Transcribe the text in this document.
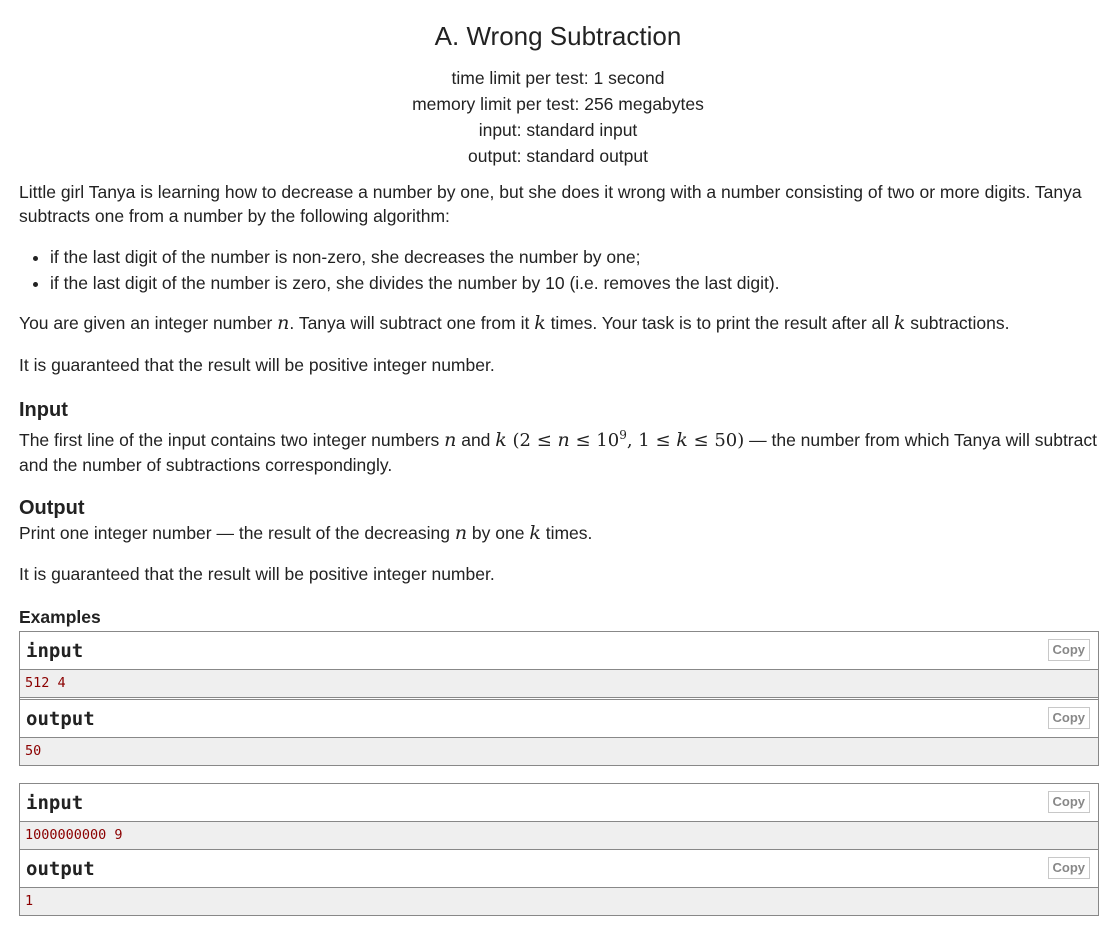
A. Wrong Subtraction
time limit per test: 1 second
memory limit per test: 256 megabytes
input: standard input
output: standard output

Little girl Tanya is learning how to decrease a number by one, but she does it wrong with a number consisting of two or more digits. Tanya subtracts one from a number by the following algorithm:

• if the last digit of the number is non-zero, she decreases the number by one;
• if the last digit of the number is zero, she divides the number by 10 (i.e. removes the last digit).

You are given an integer number n. Tanya will subtract one from it k times. Your task is to print the result after all k subtractions.

It is guaranteed that the result will be positive integer number.

Input

The first line of the input contains two integer numbers n and k ($2 \le n \le 10^9$, 1 ≤ k ≤ 50) — the number from which Tanya will subtract and the number of subtractions correspondingly.

Output

Print one integer number — the result of the decreasing n by one k times.

It is guaranteed that the result will be positive integer number.

Examples
input	Copy
512 4
output	Copy
50
input	Copy
1000000000 9
output	Copy
1
